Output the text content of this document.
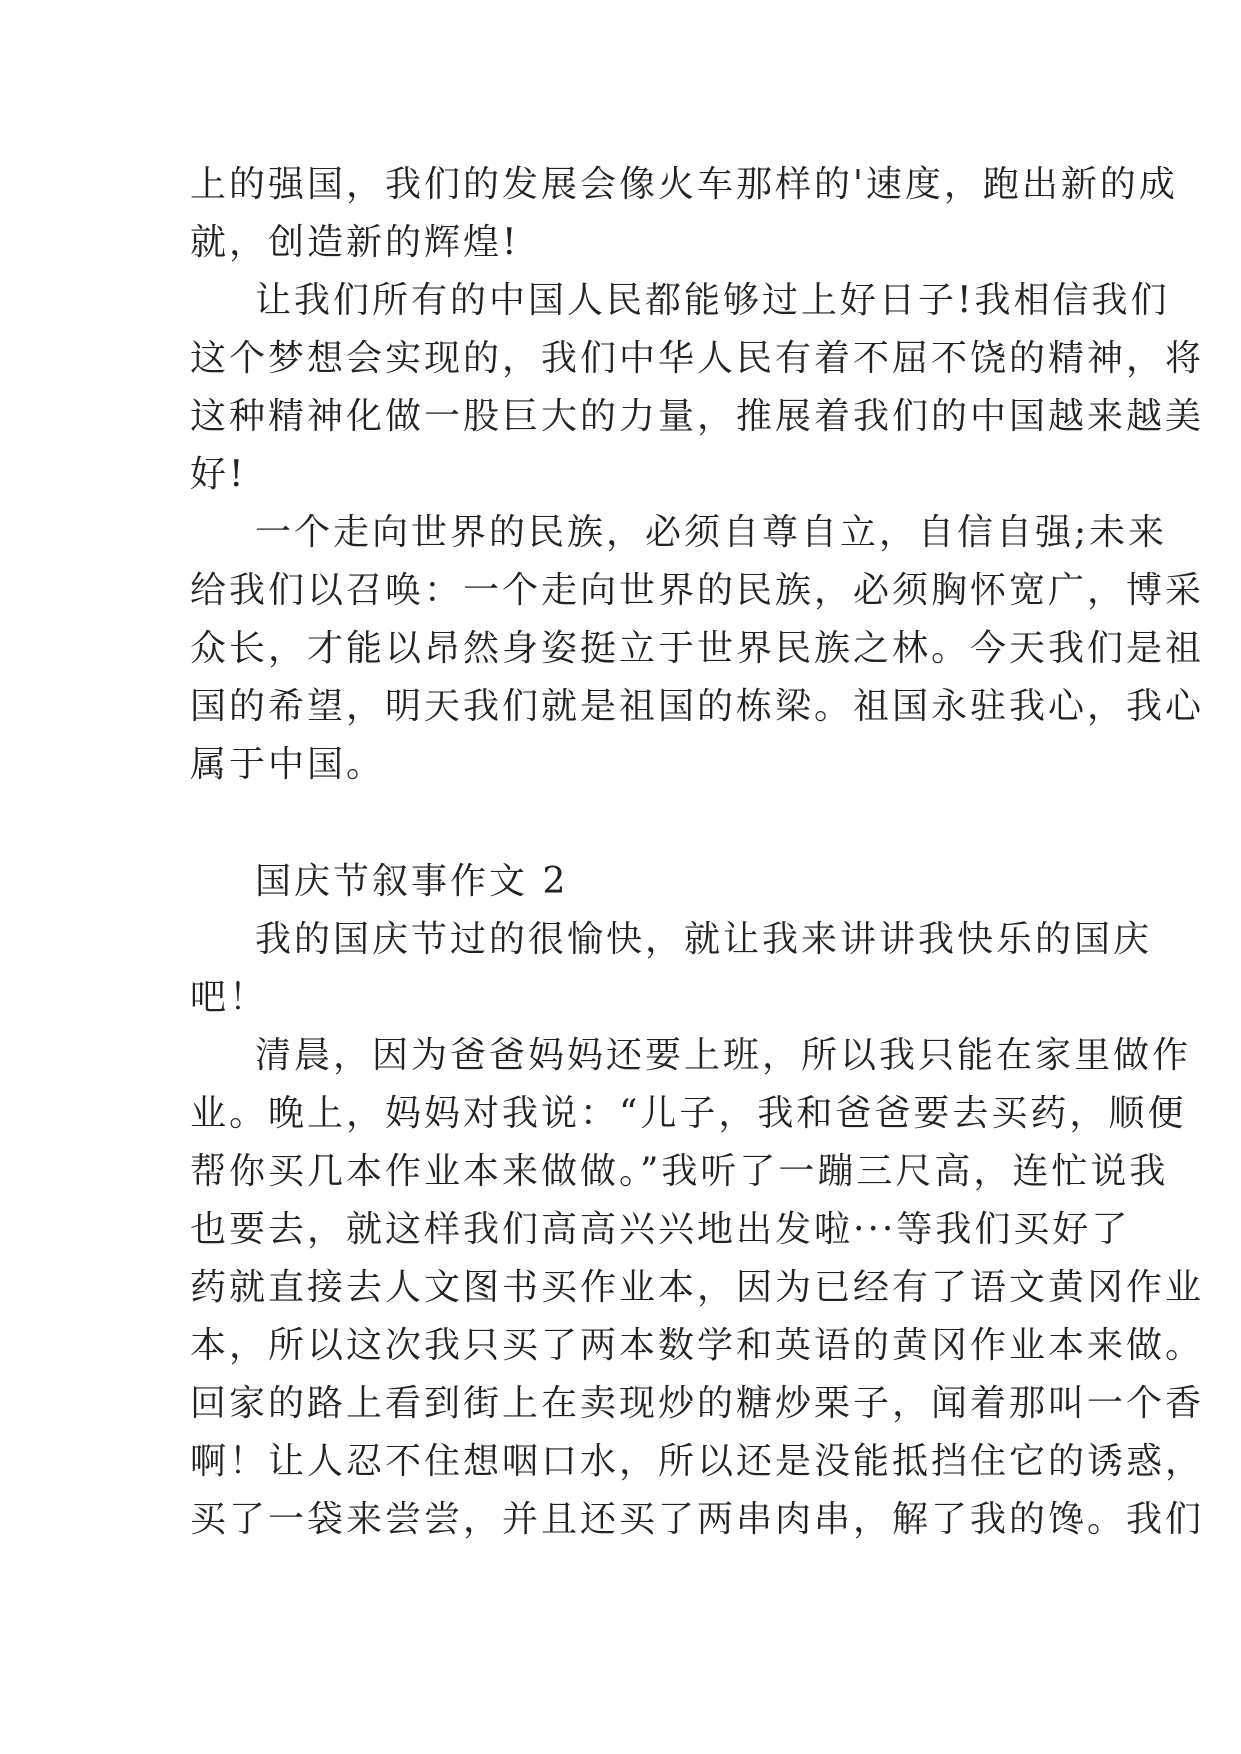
上的强国，我们的发展会像火车那样的'速度，跑出新的成
就，创造新的辉煌!
让我们所有的中国人民都能够过上好日子!我相信我们
这个梦想会实现的，我们中华人民有着不屈不饶的精神，将
这种精神化做一股巨大的力量，推展着我们的中国越来越美
好!
一个走向世界的民族，必须自尊自立，自信自强;未来
给我们以召唤：一个走向世界的民族，必须胸怀宽广，博采
众长，才能以昂然身姿挺立于世界民族之林。今天我们是祖
国的希望，明天我们就是祖国的栋梁。祖国永驻我心，我心
属于中国。
国庆节叙事作文 2
我的国庆节过的很愉快，就让我来讲讲我快乐的国庆
吧！
清晨，因为爸爸妈妈还要上班，所以我只能在家里做作
业。晚上，妈妈对我说：“儿子，我和爸爸要去买药，顺便
帮你买几本作业本来做做。”我听了一蹦三尺高，连忙说我
也要去，就这样我们高高兴兴地出发啦···等我们买好了
药就直接去人文图书买作业本，因为已经有了语文黄冈作业
本，所以这次我只买了两本数学和英语的黄冈作业本来做。
回家的路上看到街上在卖现炒的糖炒栗子，闻着那叫一个香
啊！让人忍不住想咽口水，所以还是没能抵挡住它的诱惑，
买了一袋来尝尝，并且还买了两串肉串，解了我的馋。我们
